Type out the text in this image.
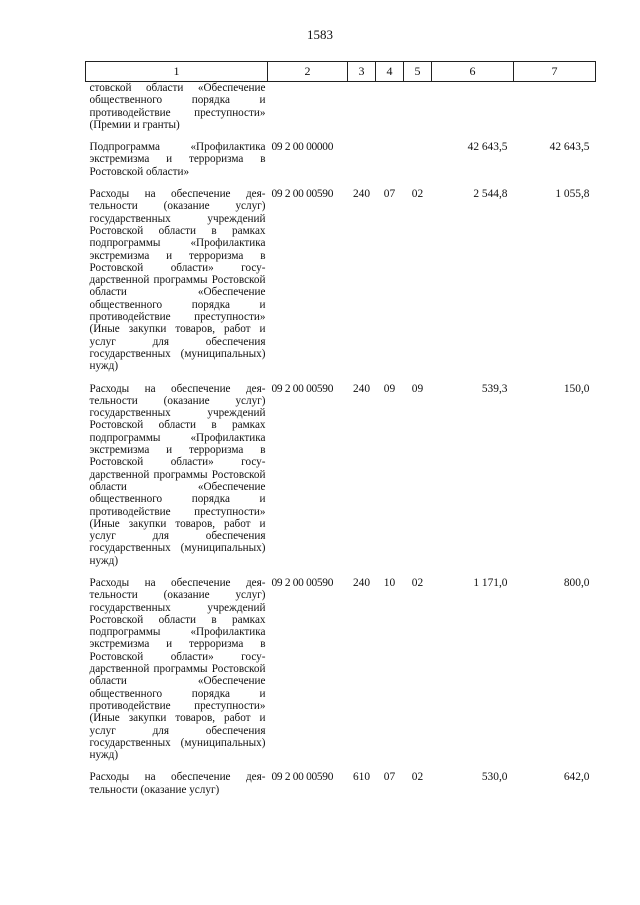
1583
1	2	3	4	5	6	7
стовской области «Обеспечение общественного порядка и противодействие преступности» (Премии и гранты)						

Подпрограмма «Профилактика экстремизма и терроризма в Ростовской области»	09 2 00 00000				42 643,5	42 643,5

Расходы на обеспечение деятельности (оказание услуг) государственных учреждений Ростовской области в рамках подпрограммы «Профилактика экстремизма и терроризма в Ростовской области» государственной программы Ростовской области «Обеспечение общественного порядка и противодействие преступности» (Иные закупки товаров, работ и услуг для обеспечения государственных (муниципальных) нужд)	09 2 00 00590	240	07	02	2 544,8	1 055,8

Расходы на обеспечение деятельности (оказание услуг) государственных учреждений Ростовской области в рамках подпрограммы «Профилактика экстремизма и терроризма в Ростовской области» государственной программы Ростовской области «Обеспечение общественного порядка и противодействие преступности» (Иные закупки товаров, работ и услуг для обеспечения государственных (муниципальных) нужд)	09 2 00 00590	240	09	09	539,3	150,0

Расходы на обеспечение деятельности (оказание услуг) государственных учреждений Ростовской области в рамках подпрограммы «Профилактика экстремизма и терроризма в Ростовской области» государственной программы Ростовской области «Обеспечение общественного порядка и противодействие преступности» (Иные закупки товаров, работ и услуг для обеспечения государственных (муниципальных) нужд)	09 2 00 00590	240	10	02	1 171,0	800,0

Расходы на обеспечение деятельности (оказание услуг)	09 2 00 00590	610	07	02	530,0	642,0
